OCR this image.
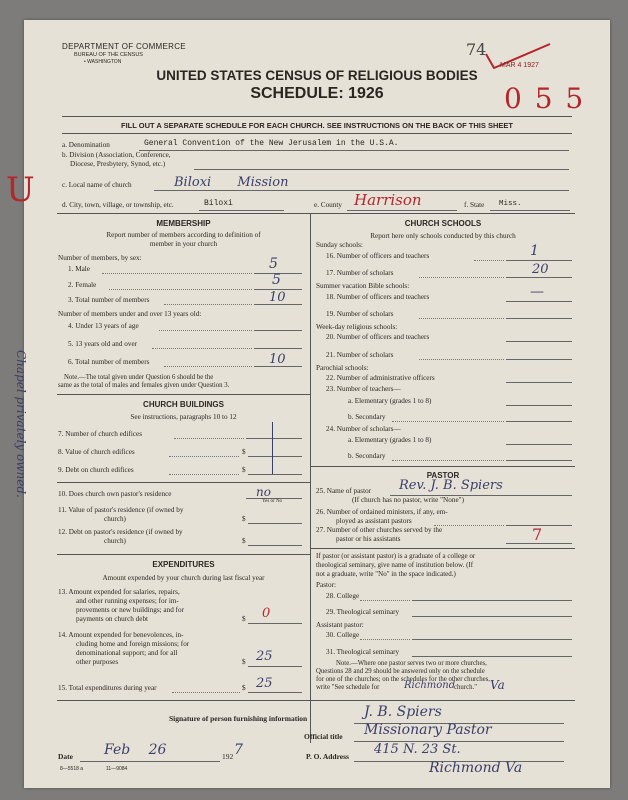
DEPARTMENT OF COMMERCE
BUREAU OF THE CENSUS
• WASHINGTON
74
MAR 4 1927
0 5 5
UNITED STATES CENSUS OF RELIGIOUS BODIES
SCHEDULE: 1926
FILL OUT A SEPARATE SCHEDULE FOR EACH CHURCH. SEE INSTRUCTIONS ON THE BACK OF THIS SHEET
a. Denomination	General Convention of the New Jerusalem in the U.S.A.
b. Division (Association, Conference,
Diocese, Presbytery, Synod, etc.)
U	c. Local name of church	Biloxi Mission
d. City, town, village, or township, etc.	Biloxi	e. County Harrison	f. State Miss.
Chapel privately owned.
MEMBERSHIP
Report number of members according to definition of
member in your church
Number of members, by sex:
1. Male	5
2. Female	5
3. Total number of members	10
Number of members under and over 13 years old:
4. Under 13 years of age
5. 13 years old and over
6. Total number of members	10
Note.—The total given under Question 6 should be the
same as the total of males and females given under Question 3.
CHURCH BUILDINGS
See instructions, paragraphs 10 to 12
7. Number of church edifices
8. Value of church edifices	$
9. Debt on church edifices	$
10. Does church own pastor's residence	no
Yes or No
11. Value of pastor's residence (if owned by
church)	$
12. Debt on pastor's residence (if owned by
church)	$
EXPENDITURES
Amount expended by your church during last fiscal year
13. Amount expended for salaries, repairs,
and other running expenses; for im-
provements or new buildings; and for
payments on church debt	$ 0
14. Amount expended for benevolences, in-
cluding home and foreign missions; for
denominational support; and for all
other purposes	$ 25
15. Total expenditures during year	$ 25
CHURCH SCHOOLS
Report here only schools conducted by this church
Sunday schools:
16. Number of officers and teachers	1
17. Number of scholars	20
Summer vacation Bible schools:
18. Number of officers and teachers	—
19. Number of scholars
Week-day religious schools:
20. Number of officers and teachers
21. Number of scholars
Parochial schools:
22. Number of administrative officers
23. Number of teachers—
a. Elementary (grades 1 to 8)
b. Secondary
24. Number of scholars—
a. Elementary (grades 1 to 8)
b. Secondary
PASTOR
25. Name of pastor Rev. J. B. Spiers
(If church has no pastor, write "None")
26. Number of ordained ministers, if any, em-
ployed as assistant pastors
27. Number of other churches served by the
pastor or his assistants	7
If pastor (or assistant pastor) is a graduate of a college or
theological seminary, give name of institution below. (If
not a graduate, write "No" in the space indicated.)
Pastor:
28. College
29. Theological seminary
Assistant pastor:
30. College
31. Theological seminary
Note.—Where one pastor serves two or more churches,
Questions 28 and 29 should be answered only on the schedule
for one of the churches; on the schedules for the other churches,
write "See schedule for Richmond
church." Va
Signature of person furnishing information	J. B. Spiers
Official title Missionary Pastor
Date Feb 26	192 7	P. O. Address 415 N. 23 St.
Richmond Va
8—5518 a	11—9084
